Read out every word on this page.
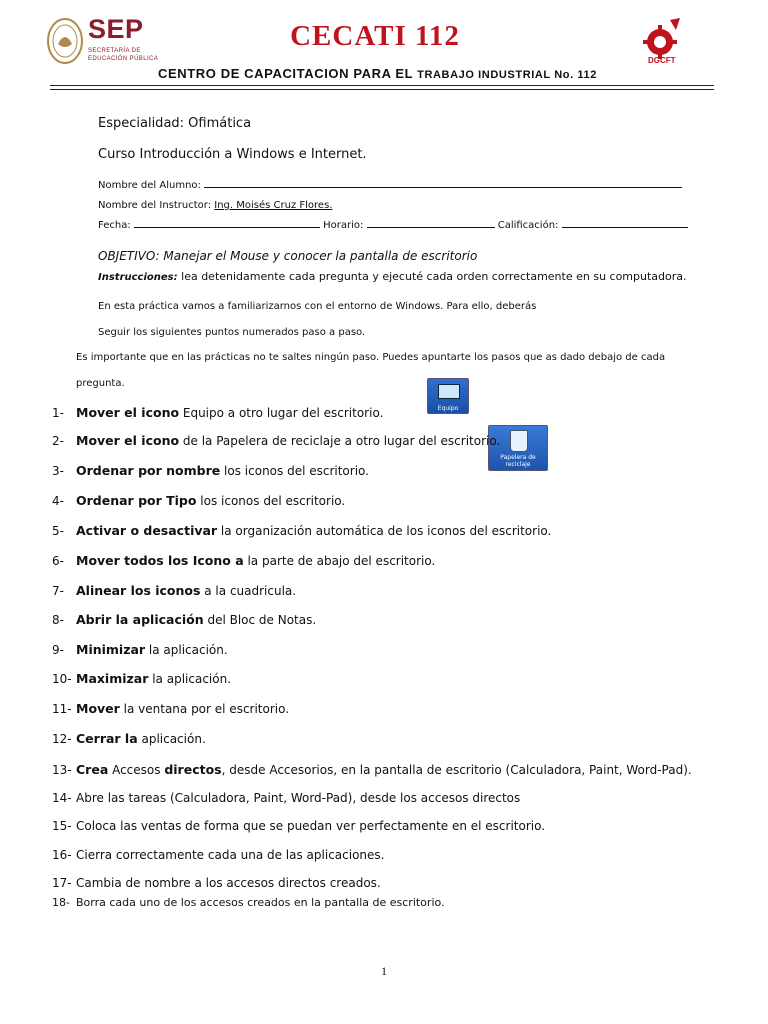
SEP
SECRETARÍA DE EDUCACIÓN PÚBLICA
CECATI 112
DGCFT
CENTRO DE CAPACITACION PARA EL TRABAJO INDUSTRIAL No. 112
Especialidad: Ofimática
Curso Introducción a Windows e Internet.
Nombre del Alumno:
Nombre del Instructor: Ing. Moisés Cruz Flores.
Fecha:	Horario:	Calificación:
OBJETIVO: Manejar el Mouse y conocer la pantalla de escritorio
Instrucciones: lea detenidamente cada pregunta y ejecuté cada orden correctamente en su computadora.
En esta práctica vamos a familiarizarnos con el entorno de Windows. Para ello, deberás
Seguir los siguientes puntos numerados paso a paso.
Es importante que en las prácticas no te saltes ningún paso. Puedes apuntarte los pasos que as dado debajo de cada
pregunta.
Equipo
Papelera de reciclaje
1- Mover el icono Equipo a otro lugar del escritorio.
2- Mover el icono de la Papelera de reciclaje a otro lugar del escritorio.
3- Ordenar por nombre los iconos del escritorio.
4- Ordenar por Tipo los iconos del escritorio.
5- Activar o desactivar la organización automática de los iconos del escritorio.
6- Mover todos los Icono a la parte de abajo del escritorio.
7- Alinear los iconos a la cuadricula.
8- Abrir la aplicación del Bloc de Notas.
9- Minimizar la aplicación.
10- Maximizar la aplicación.
11- Mover la ventana por el escritorio.
12- Cerrar la aplicación.
13- Crea Accesos directos, desde Accesorios, en la pantalla de escritorio (Calculadora, Paint, Word-Pad).
14- Abre las tareas (Calculadora, Paint, Word-Pad), desde los accesos directos
15- Coloca las ventas de forma que se puedan ver perfectamente en el escritorio.
16- Cierra correctamente cada una de las aplicaciones.
17- Cambia de nombre a los accesos directos creados.
18- Borra cada uno de los accesos creados en la pantalla de escritorio.
1
